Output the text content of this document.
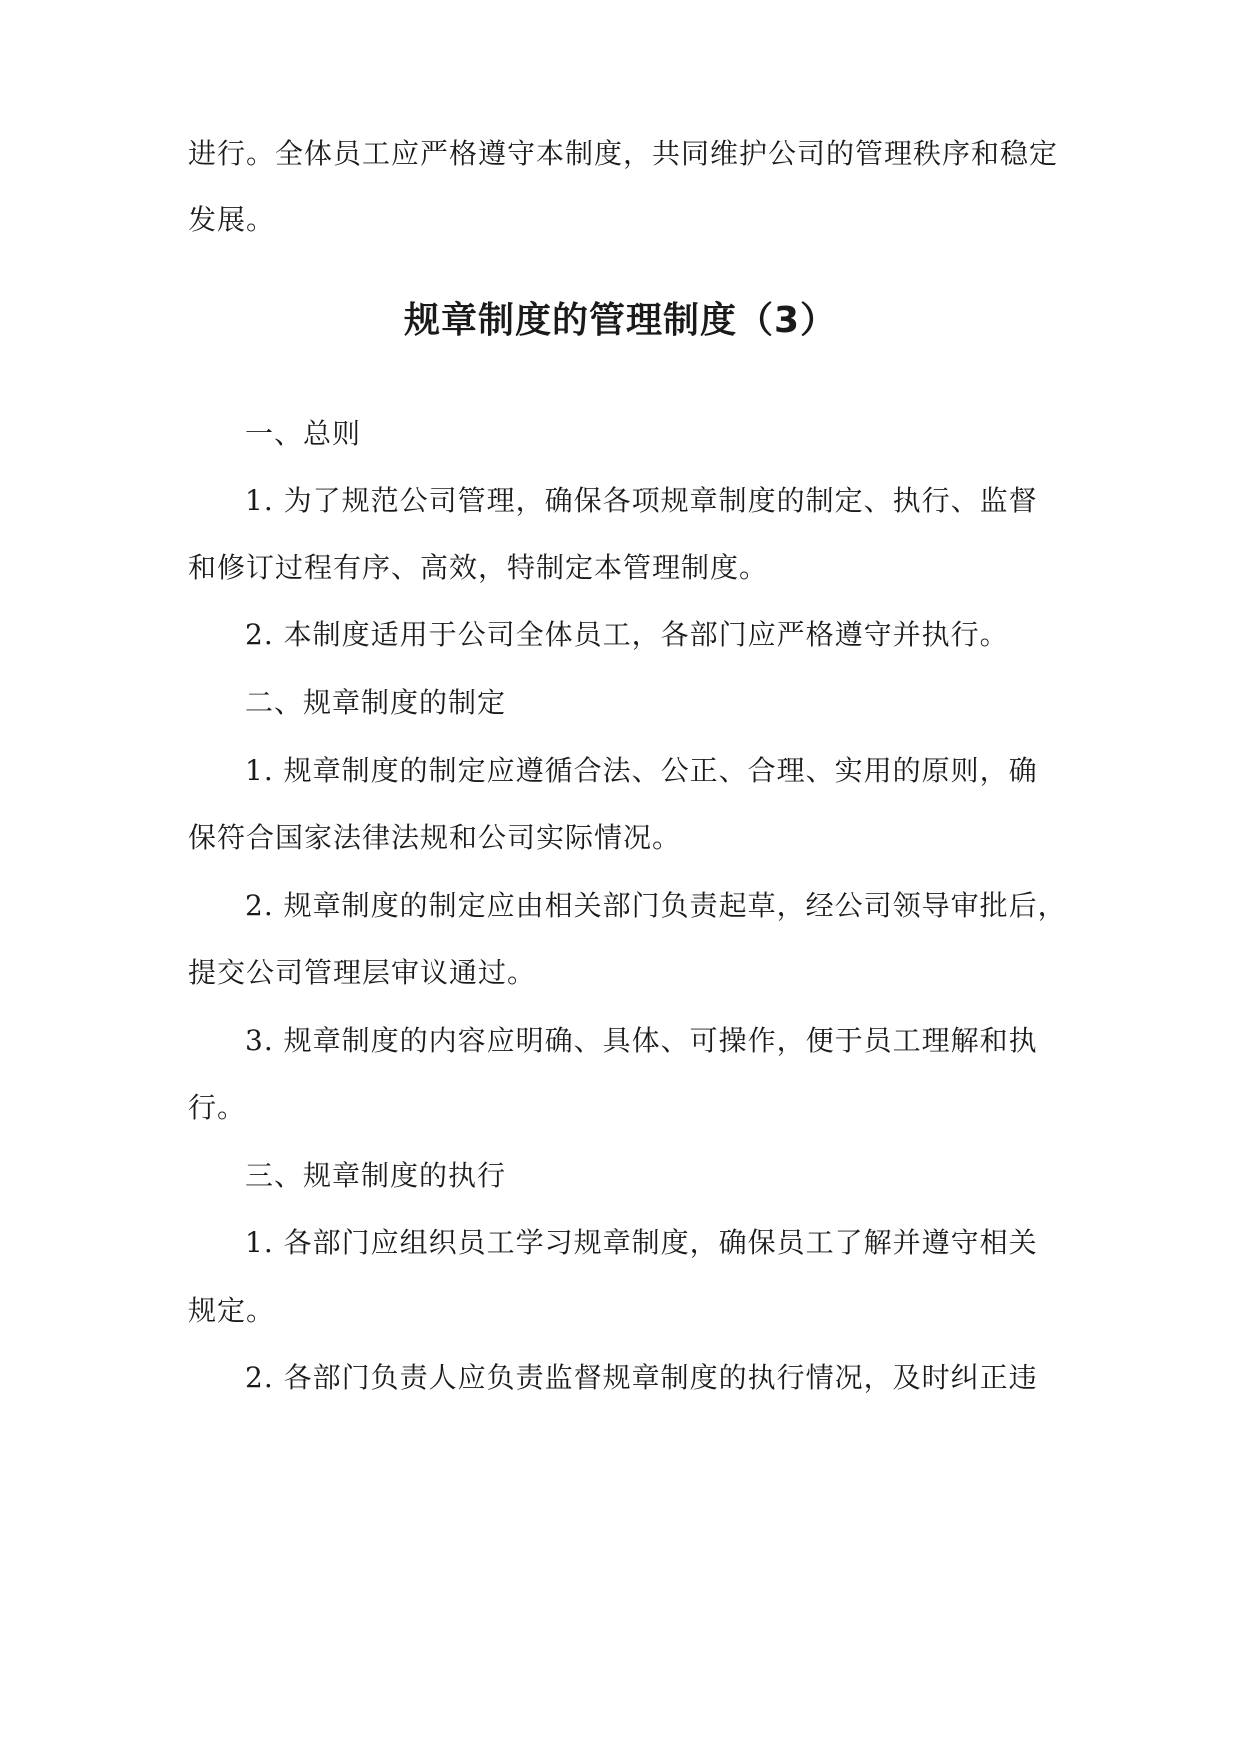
进行。全体员工应严格遵守本制度，共同维护公司的管理秩序和稳定
发展。
规章制度的管理制度（3）
一、总则
1. 为了规范公司管理，确保各项规章制度的制定、执行、监督
和修订过程有序、高效，特制定本管理制度。
2. 本制度适用于公司全体员工，各部门应严格遵守并执行。
二、规章制度的制定
1. 规章制度的制定应遵循合法、公正、合理、实用的原则，确
保符合国家法律法规和公司实际情况。
2. 规章制度的制定应由相关部门负责起草，经公司领导审批后，
提交公司管理层审议通过。
3. 规章制度的内容应明确、具体、可操作，便于员工理解和执
行。
三、规章制度的执行
1. 各部门应组织员工学习规章制度，确保员工了解并遵守相关
规定。
2. 各部门负责人应负责监督规章制度的执行情况，及时纠正违
